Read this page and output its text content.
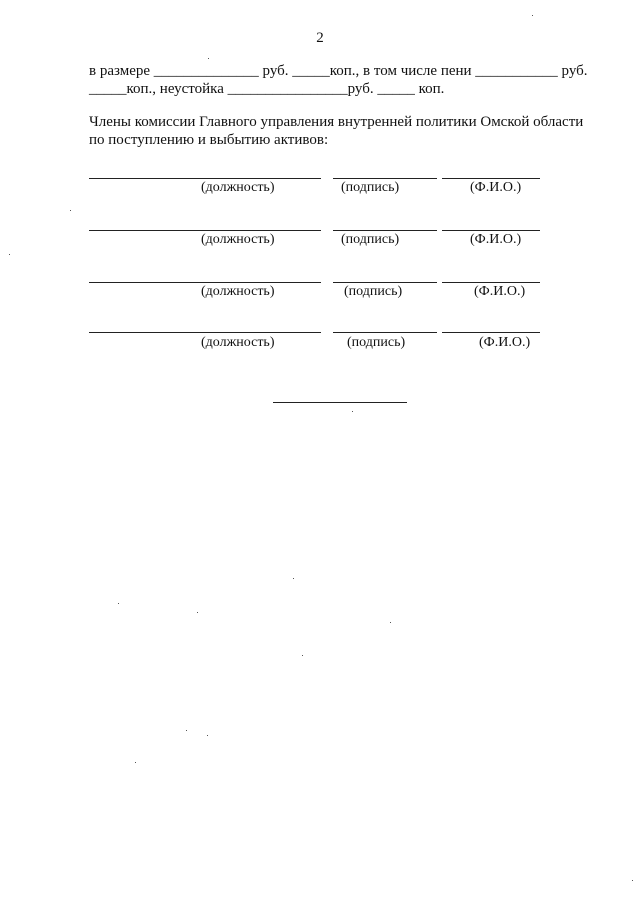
2
в размере ______________ руб. _____коп., в том числе пени ___________ руб.
_____коп., неустойка ________________руб. _____ коп.
Члены комиссии Главного управления внутренней политики Омской области
по поступлению и выбытию активов:
(должность)	(подпись)	(Ф.И.О.)
(должность)	(подпись)	(Ф.И.О.)
(должность)	(подпись)	(Ф.И.О.)
(должность)	(подпись)	(Ф.И.О.)
